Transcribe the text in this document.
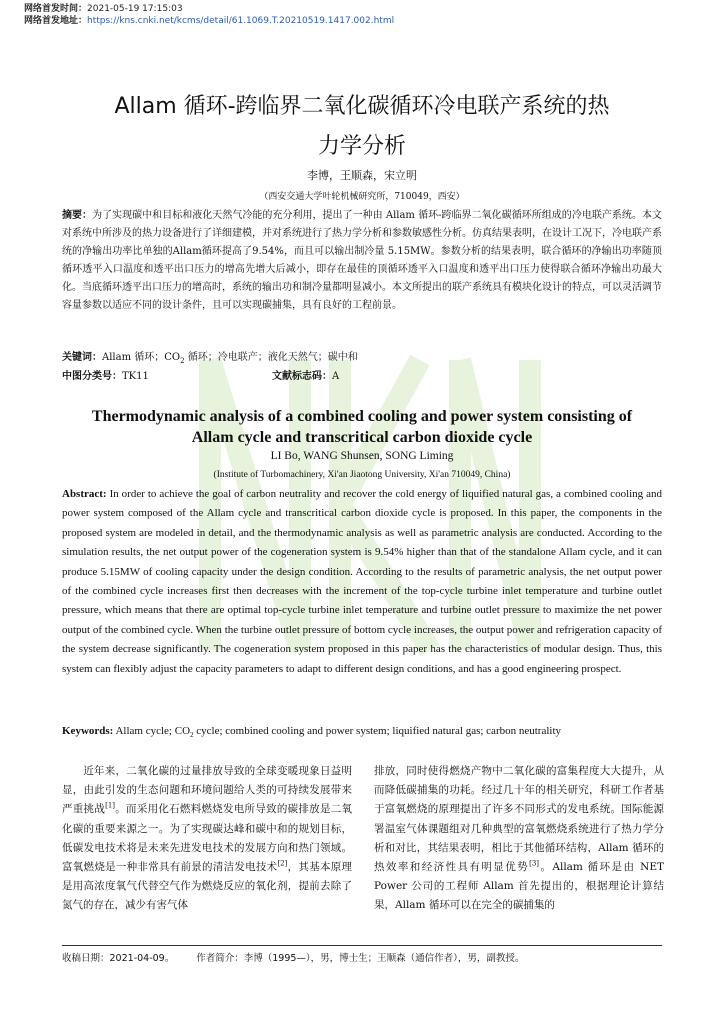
网络首发时间：2021-05-19 17:15:03
网络首发地址：https://kns.cnki.net/kcms/detail/61.1069.T.20210519.1417.002.html
Allam 循环-跨临界二氧化碳循环冷电联产系统的热
力学分析
李博，王顺森，宋立明
（西安交通大学叶轮机械研究所，710049，西安）
摘要：为了实现碳中和目标和液化天然气冷能的充分利用，提出了一种由 Allam 循环-跨临界二氧化碳循环所组成的冷电联产系统。本文对系统中所涉及的热力设备进行了详细建模，并对系统进行了热力学分析和参数敏感性分析。仿真结果表明，在设计工况下，冷电联产系统的净输出功率比单独的Allam循环提高了9.54%，而且可以输出制冷量 5.15MW。参数分析的结果表明，联合循环的净输出功率随顶循环透平入口温度和透平出口压力的增高先增大后减小，即存在最佳的顶循环透平入口温度和透平出口压力使得联合循环净输出功最大化。当底循环透平出口压力的增高时，系统的输出功和制冷量都明显减小。本文所提出的联产系统具有模块化设计的特点，可以灵活调节容量参数以适应不同的设计条件，且可以实现碳捕集，具有良好的工程前景。
关键词：Allam 循环；$CO_2$ 循环；冷电联产；液化天然气；碳中和
中图分类号：TK11	文献标志码：A
Thermodynamic analysis of a combined cooling and power system consisting of
Allam cycle and transcritical carbon dioxide cycle
LI Bo, WANG Shunsen, SONG Liming
(Institute of Turbomachinery, Xi'an Jiaotong University, Xi'an 710049, China)
Abstract: In order to achieve the goal of carbon neutrality and recover the cold energy of liquified natural gas, a combined cooling and power system composed of the Allam cycle and transcritical carbon dioxide cycle is proposed. In this paper, the components in the proposed system are modeled in detail, and the thermodynamic analysis as well as parametric analysis are conducted. According to the simulation results, the net output power of the cogeneration system is 9.54% higher than that of the standalone Allam cycle, and it can produce 5.15MW of cooling capacity under the design condition. According to the results of parametric analysis, the net output power of the combined cycle increases first then decreases with the increment of the top-cycle turbine inlet temperature and turbine outlet pressure, which means that there are optimal top-cycle turbine inlet temperature and turbine outlet pressure to maximize the net power output of the combined cycle. When the turbine outlet pressure of bottom cycle increases, the output power and refrigeration capacity of the system decrease significantly. The cogeneration system proposed in this paper has the characteristics of modular design. Thus, this system can flexibly adjust the capacity parameters to adapt to different design conditions, and has a good engineering prospect.
Keywords: Allam cycle; $CO_2$ cycle; combined cooling and power system; liquified natural gas; carbon neutrality
近年来，二氧化碳的过量排放导致的全球变暖现象日益明显，由此引发的生态问题和环境问题给人类的可持续发展带来严重挑战[1]。而采用化石燃料燃烧发电所导致的碳排放是二氧化碳的重要来源之一。为了实现碳达峰和碳中和的规划目标，低碳发电技术将是未来先进发电技术的发展方向和热门领域。富氧燃烧是一种非常具有前景的清洁发电技术[2]，其基本原理是用高浓度氧气代替空气作为燃烧反应的氧化剂，提前去除了氮气的存在，减少有害气体
排放，同时使得燃烧产物中二氧化碳的富集程度大大提升，从而降低碳捕集的功耗。经过几十年的相关研究，科研工作者基于富氧燃烧的原理提出了许多不同形式的发电系统。国际能源署温室气体课题组对几种典型的富氧燃烧系统进行了热力学分析和对比，其结果表明，相比于其他循环结构，Allam 循环的热效率和经济性具有明显优势[3]。Allam 循环是由 NET Power 公司的工程师 Allam 首先提出的，根据理论计算结果，Allam 循环可以在完全的碳捕集的
收稿日期：2021-04-09。 作者简介：李博（1995—），男，博士生；王顺森（通信作者），男，副教授。
